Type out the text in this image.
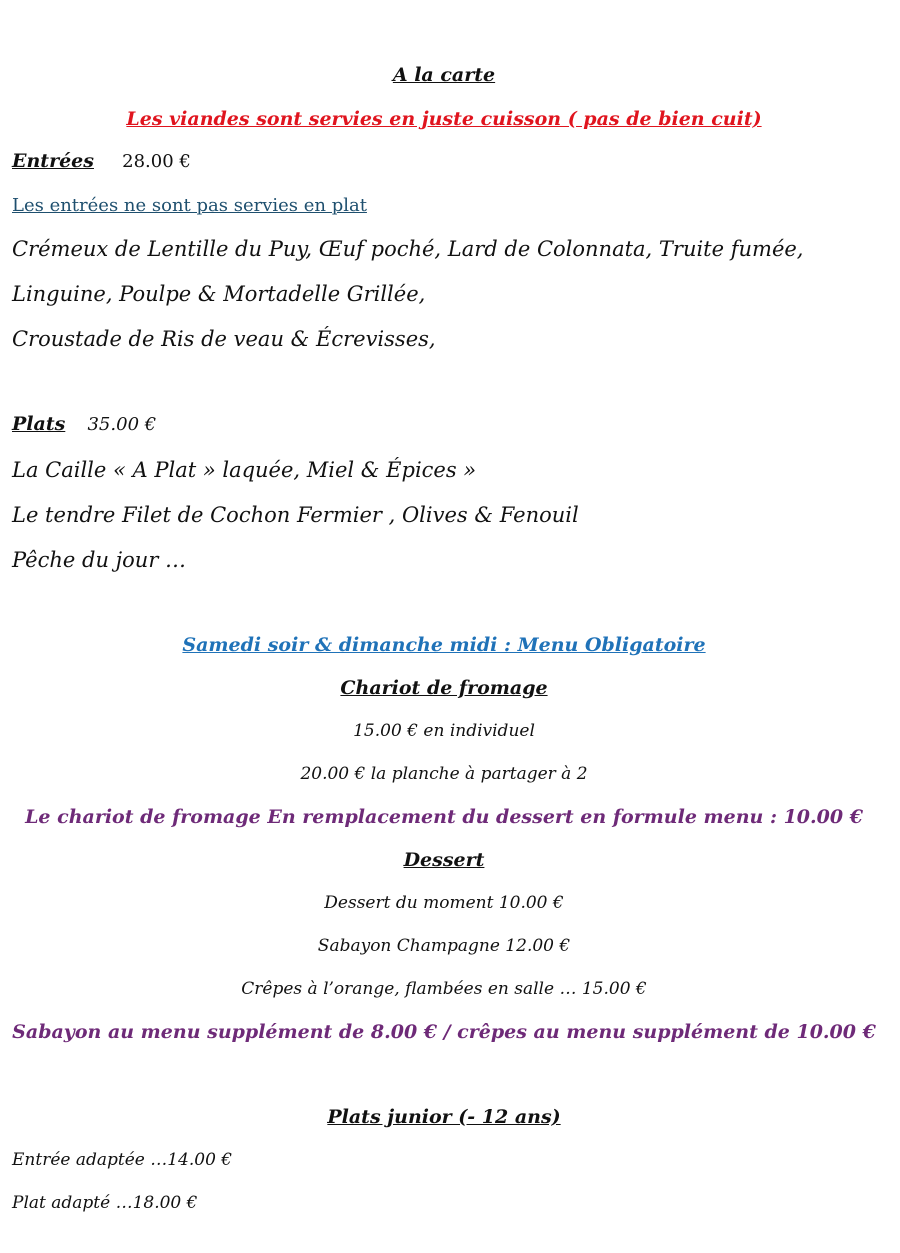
A la carte
Les viandes sont servies en juste cuisson ( pas de bien cuit)
Entrées 28.00 €
Les entrées ne sont pas servies en plat
Crémeux de Lentille du Puy, Œuf poché, Lard de Colonnata, Truite fumée,
Linguine, Poulpe & Mortadelle Grillée,
Croustade de Ris de veau & Écrevisses,
Plats 35.00 €
La Caille « A Plat » laquée, Miel & Épices »
Le tendre Filet de Cochon Fermier , Olives & Fenouil
Pêche du jour …
Samedi soir & dimanche midi : Menu Obligatoire
Chariot de fromage
15.00 € en individuel
20.00 € la planche à partager à 2
Le chariot de fromage En remplacement du dessert en formule menu : 10.00 €
Dessert
Dessert du moment 10.00 €
Sabayon Champagne 12.00 €
Crêpes à l’orange, flambées en salle … 15.00 €
Sabayon au menu supplément de 8.00 € / crêpes au menu supplément de 10.00 €
Plats junior (- 12 ans)
Entrée adaptée …14.00 €
Plat adapté …18.00 €
